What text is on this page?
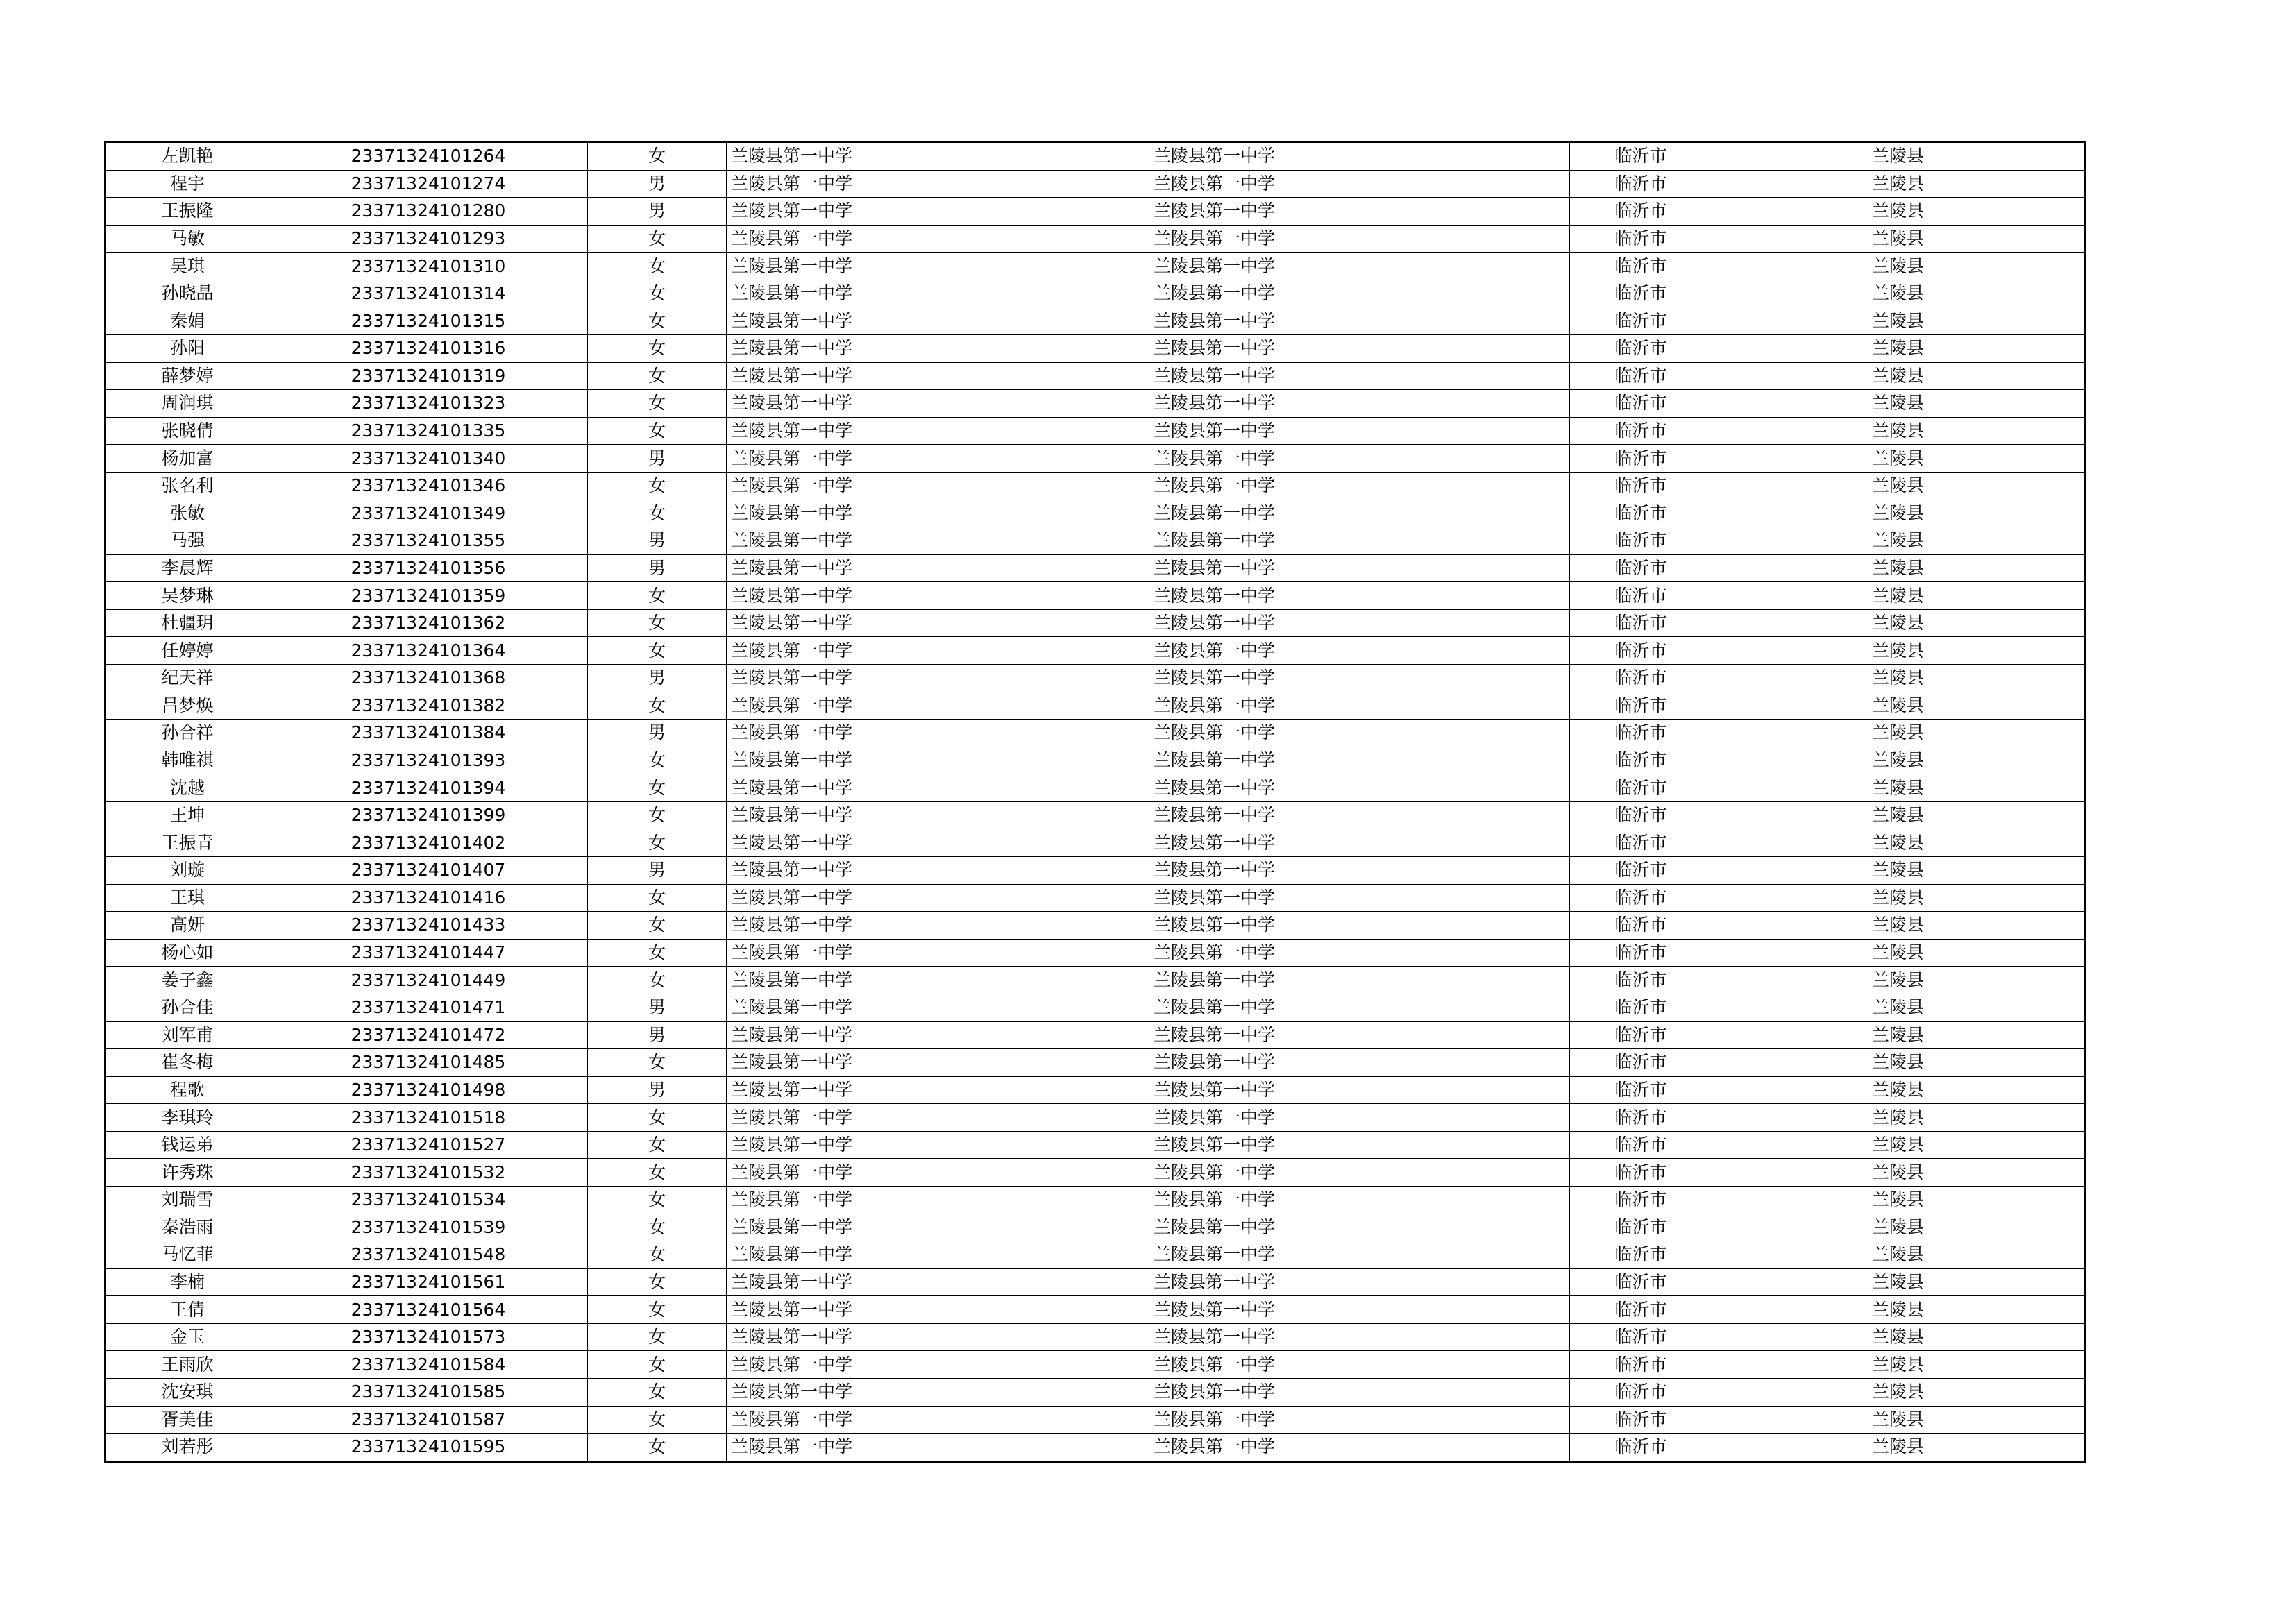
左凯艳	23371324101264	女	兰陵县第一中学	兰陵县第一中学	临沂市	兰陵县
程宇	23371324101274	男	兰陵县第一中学	兰陵县第一中学	临沂市	兰陵县
王振隆	23371324101280	男	兰陵县第一中学	兰陵县第一中学	临沂市	兰陵县
马敏	23371324101293	女	兰陵县第一中学	兰陵县第一中学	临沂市	兰陵县
吴琪	23371324101310	女	兰陵县第一中学	兰陵县第一中学	临沂市	兰陵县
孙晓晶	23371324101314	女	兰陵县第一中学	兰陵县第一中学	临沂市	兰陵县
秦娟	23371324101315	女	兰陵县第一中学	兰陵县第一中学	临沂市	兰陵县
孙阳	23371324101316	女	兰陵县第一中学	兰陵县第一中学	临沂市	兰陵县
薛梦婷	23371324101319	女	兰陵县第一中学	兰陵县第一中学	临沂市	兰陵县
周润琪	23371324101323	女	兰陵县第一中学	兰陵县第一中学	临沂市	兰陵县
张晓倩	23371324101335	女	兰陵县第一中学	兰陵县第一中学	临沂市	兰陵县
杨加富	23371324101340	男	兰陵县第一中学	兰陵县第一中学	临沂市	兰陵县
张名利	23371324101346	女	兰陵县第一中学	兰陵县第一中学	临沂市	兰陵县
张敏	23371324101349	女	兰陵县第一中学	兰陵县第一中学	临沂市	兰陵县
马强	23371324101355	男	兰陵县第一中学	兰陵县第一中学	临沂市	兰陵县
李晨辉	23371324101356	男	兰陵县第一中学	兰陵县第一中学	临沂市	兰陵县
吴梦琳	23371324101359	女	兰陵县第一中学	兰陵县第一中学	临沂市	兰陵县
杜疆玥	23371324101362	女	兰陵县第一中学	兰陵县第一中学	临沂市	兰陵县
任婷婷	23371324101364	女	兰陵县第一中学	兰陵县第一中学	临沂市	兰陵县
纪天祥	23371324101368	男	兰陵县第一中学	兰陵县第一中学	临沂市	兰陵县
吕梦焕	23371324101382	女	兰陵县第一中学	兰陵县第一中学	临沂市	兰陵县
孙合祥	23371324101384	男	兰陵县第一中学	兰陵县第一中学	临沂市	兰陵县
韩唯祺	23371324101393	女	兰陵县第一中学	兰陵县第一中学	临沂市	兰陵县
沈越	23371324101394	女	兰陵县第一中学	兰陵县第一中学	临沂市	兰陵县
王坤	23371324101399	女	兰陵县第一中学	兰陵县第一中学	临沂市	兰陵县
王振青	23371324101402	女	兰陵县第一中学	兰陵县第一中学	临沂市	兰陵县
刘璇	23371324101407	男	兰陵县第一中学	兰陵县第一中学	临沂市	兰陵县
王琪	23371324101416	女	兰陵县第一中学	兰陵县第一中学	临沂市	兰陵县
高妍	23371324101433	女	兰陵县第一中学	兰陵县第一中学	临沂市	兰陵县
杨心如	23371324101447	女	兰陵县第一中学	兰陵县第一中学	临沂市	兰陵县
姜子鑫	23371324101449	女	兰陵县第一中学	兰陵县第一中学	临沂市	兰陵县
孙合佳	23371324101471	男	兰陵县第一中学	兰陵县第一中学	临沂市	兰陵县
刘军甫	23371324101472	男	兰陵县第一中学	兰陵县第一中学	临沂市	兰陵县
崔冬梅	23371324101485	女	兰陵县第一中学	兰陵县第一中学	临沂市	兰陵县
程歌	23371324101498	男	兰陵县第一中学	兰陵县第一中学	临沂市	兰陵县
李琪玲	23371324101518	女	兰陵县第一中学	兰陵县第一中学	临沂市	兰陵县
钱运弟	23371324101527	女	兰陵县第一中学	兰陵县第一中学	临沂市	兰陵县
许秀珠	23371324101532	女	兰陵县第一中学	兰陵县第一中学	临沂市	兰陵县
刘瑞雪	23371324101534	女	兰陵县第一中学	兰陵县第一中学	临沂市	兰陵县
秦浩雨	23371324101539	女	兰陵县第一中学	兰陵县第一中学	临沂市	兰陵县
马忆菲	23371324101548	女	兰陵县第一中学	兰陵县第一中学	临沂市	兰陵县
李楠	23371324101561	女	兰陵县第一中学	兰陵县第一中学	临沂市	兰陵县
王倩	23371324101564	女	兰陵县第一中学	兰陵县第一中学	临沂市	兰陵县
金玉	23371324101573	女	兰陵县第一中学	兰陵县第一中学	临沂市	兰陵县
王雨欣	23371324101584	女	兰陵县第一中学	兰陵县第一中学	临沂市	兰陵县
沈安琪	23371324101585	女	兰陵县第一中学	兰陵县第一中学	临沂市	兰陵县
胥美佳	23371324101587	女	兰陵县第一中学	兰陵县第一中学	临沂市	兰陵县
刘若彤	23371324101595	女	兰陵县第一中学	兰陵县第一中学	临沂市	兰陵县
